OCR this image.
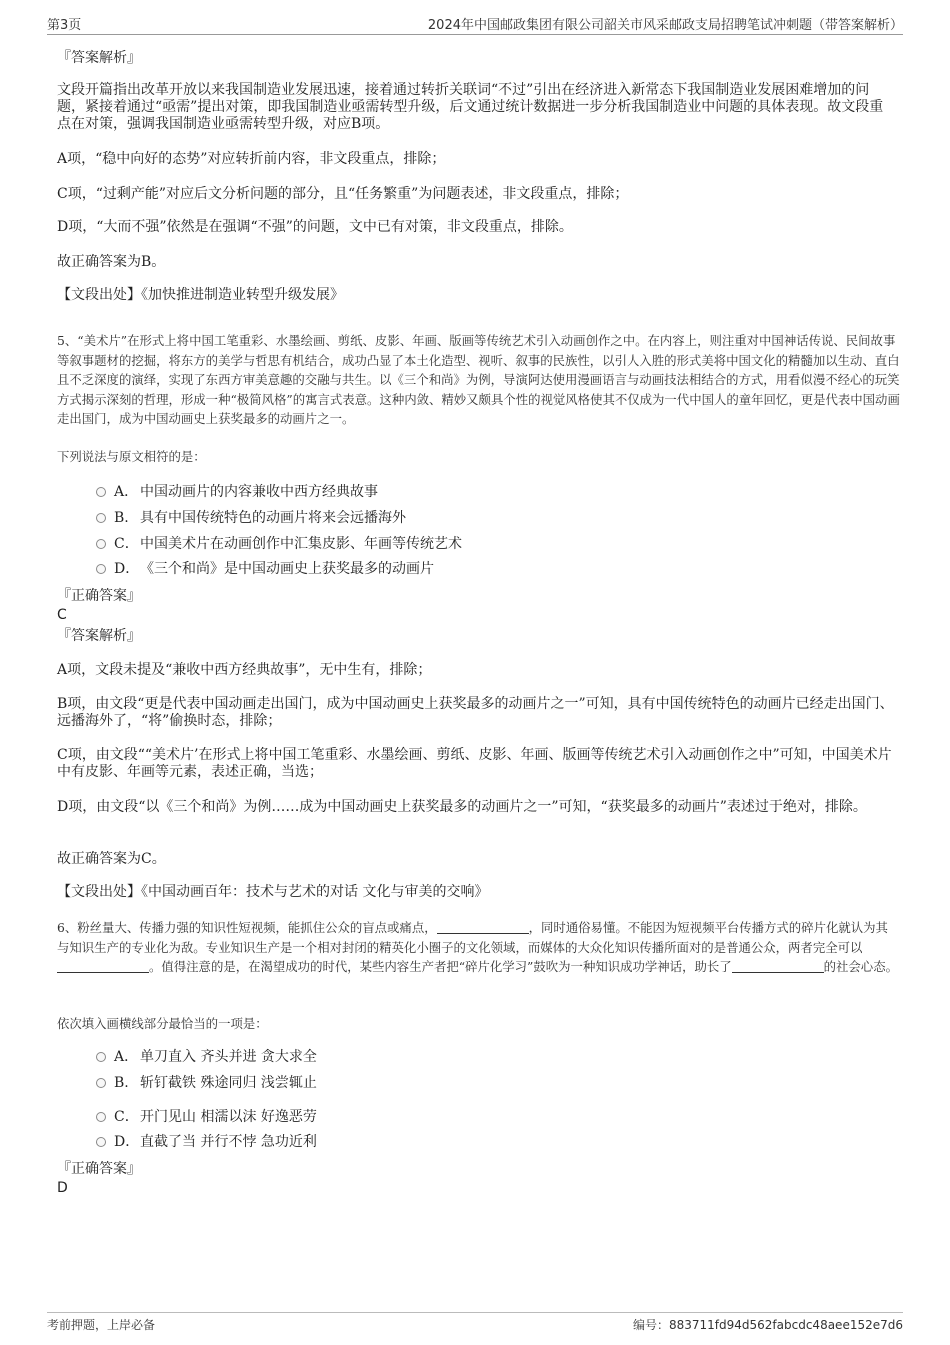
第3页	2024年中国邮政集团有限公司韶关市风采邮政支局招聘笔试冲刺题（带答案解析）
『答案解析』
文段开篇指出改革开放以来我国制造业发展迅速，接着通过转折关联词“不过”引出在经济进入新常态下我国制造业发展困难增加的问题，紧接着通过“亟需”提出对策，即我国制造业亟需转型升级，后文通过统计数据进一步分析我国制造业中问题的具体表现。故文段重点在对策，强调我国制造业亟需转型升级，对应B项。
A项，“稳中向好的态势”对应转折前内容，非文段重点，排除；
C项，“过剩产能”对应后文分析问题的部分，且“任务繁重”为问题表述，非文段重点，排除；
D项，“大而不强”依然是在强调“不强”的问题，文中已有对策，非文段重点，排除。
故正确答案为B。
【文段出处】《加快推进制造业转型升级发展》
5、“美术片”在形式上将中国工笔重彩、水墨绘画、剪纸、皮影、年画、版画等传统艺术引入动画创作之中。在内容上，则注重对中国神话传说、民间故事等叙事题材的挖掘，将东方的美学与哲思有机结合，成功凸显了本土化造型、视听、叙事的民族性，以引人入胜的形式美将中国文化的精髓加以生动、直白且不乏深度的演绎，实现了东西方审美意趣的交融与共生。以《三个和尚》为例，导演阿达使用漫画语言与动画技法相结合的方式，用看似漫不经心的玩笑方式揭示深刻的哲理，形成一种“极简风格”的寓言式表意。这种内敛、精妙又颇具个性的视觉风格使其不仅成为一代中国人的童年回忆，更是代表中国动画走出国门，成为中国动画史上获奖最多的动画片之一。
下列说法与原文相符的是：
A． 中国动画片的内容兼收中西方经典故事
B. 具有中国传统特色的动画片将来会远播海外
C．中国美术片在动画创作中汇集皮影、年画等传统艺术
D．《三个和尚》是中国动画史上获奖最多的动画片
『正确答案』
C
『答案解析』
A项，文段未提及“兼收中西方经典故事”，无中生有，排除；
B项，由文段“更是代表中国动画走出国门，成为中国动画史上获奖最多的动画片之一”可知，具有中国传统特色的动画片已经走出国门、远播海外了，“将”偷换时态，排除；
C项，由文段““美术片’在形式上将中国工笔重彩、水墨绘画、剪纸、皮影、年画、版画等传统艺术引入动画创作之中”可知，中国美术片中有皮影、年画等元素，表述正确，当选；
D项，由文段“以《三个和尚》为例……成为中国动画史上获奖最多的动画片之一”可知，“获奖最多的动画片”表述过于绝对，排除。
故正确答案为C。
【文段出处】《中国动画百年：技术与艺术的对话 文化与审美的交响》
6、粉丝量大、传播力强的知识性短视频，能抓住公众的盲点或痛点，	，同时通俗易懂。不能因为短视频平台传播方式的碎片化就认为其与知识生产的专业化为敌。专业知识生产是一个相对封闭的精英化小圈子的文化领域，而媒体的大众化知识传播所面对的是普通公众，两者完全可以。值得注意的是，在渴望成功的时代，某些内容生产者把“碎片化学习”鼓吹为一种知识成功学神话，助长了	的社会心态。
依次填入画横线部分最恰当的一项是：
A． 单刀直入 齐头并进 贪大求全
B. 斩钉截铁 殊途同归 浅尝辄止
C．开门见山 相濡以沫 好逸恶劳
D．直截了当 并行不悖 急功近利
『正确答案』
D
考前押题，上岸必备	编号：883711fd94d562fabcdc48aee152e7d6
